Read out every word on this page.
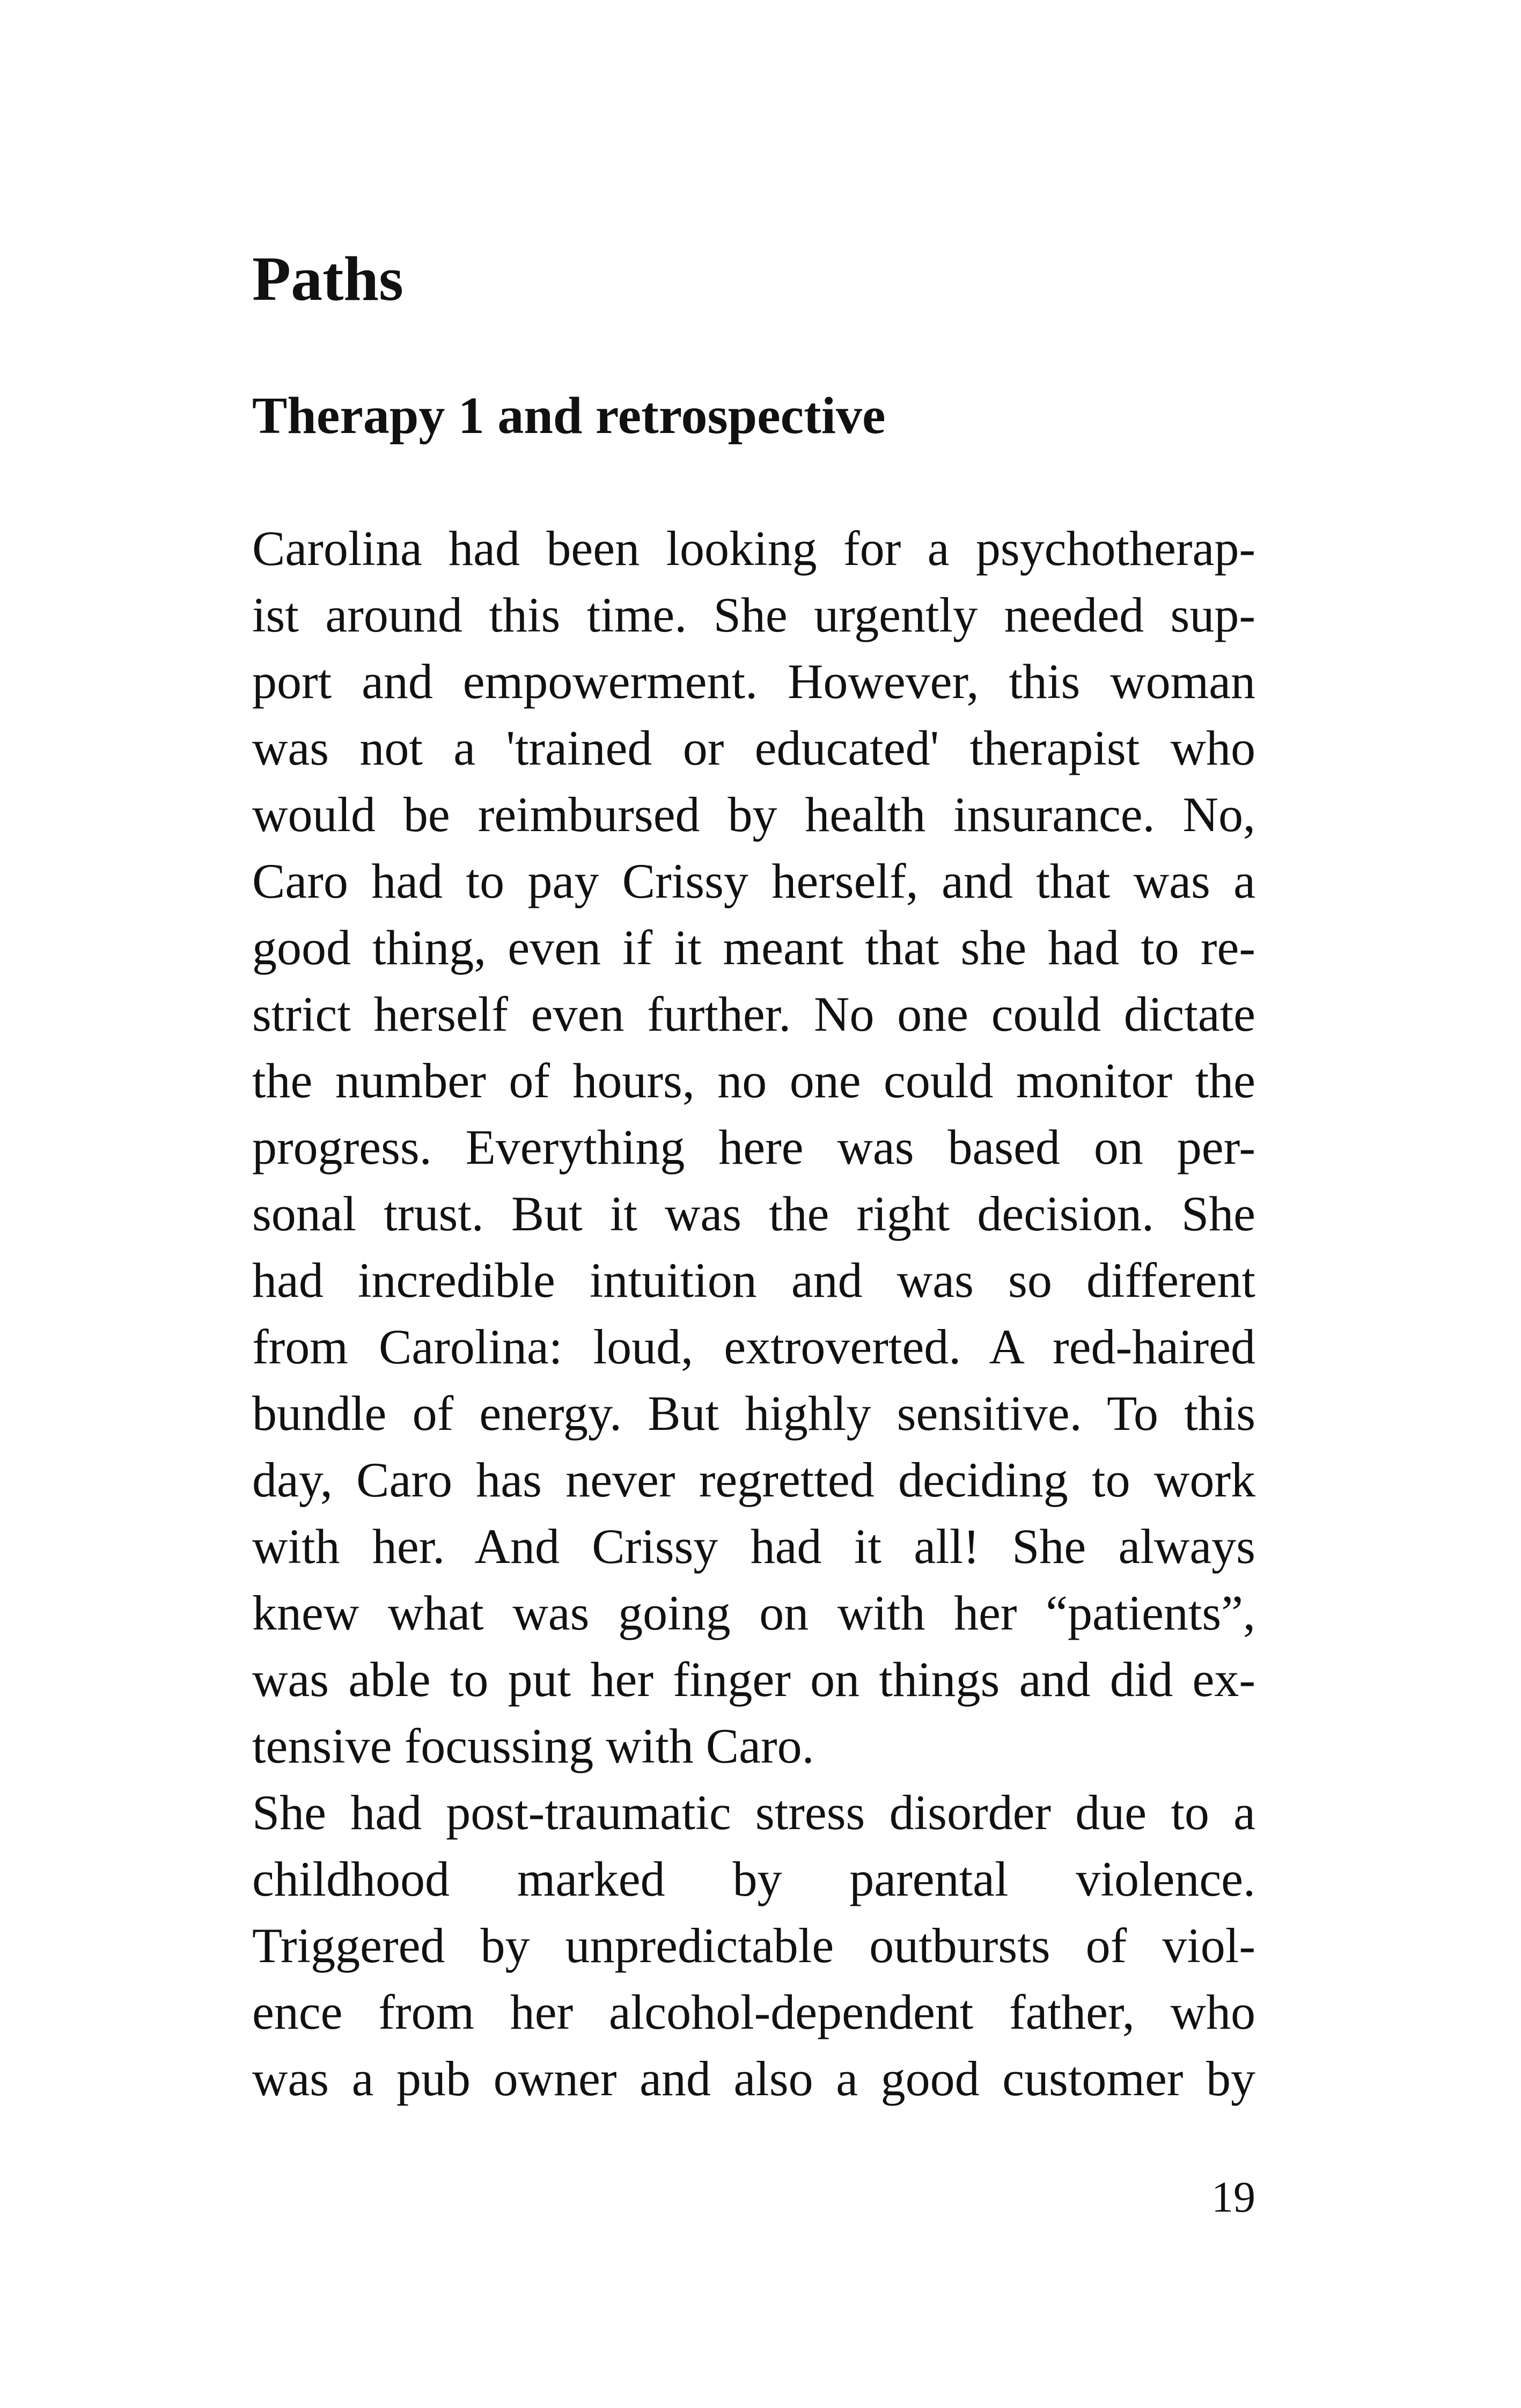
Paths
Therapy 1 and retrospective
Carolina had been looking for a psychotherap-
ist around this time. She urgently needed sup-
port and empowerment. However, this woman
was not a 'trained or educated' therapist who
would be reimbursed by health insurance. No,
Caro had to pay Crissy herself, and that was a
good thing, even if it meant that she had to re-
strict herself even further. No one could dictate
the number of hours, no one could monitor the
progress. Everything here was based on per-
sonal trust. But it was the right decision. She
had incredible intuition and was so different
from Carolina: loud, extroverted. A red-haired
bundle of energy. But highly sensitive. To this
day, Caro has never regretted deciding to work
with her. And Crissy had it all! She always
knew what was going on with her “patients”,
was able to put her finger on things and did ex-
tensive focussing with Caro.
She had post-traumatic stress disorder due to a
childhood marked by parental violence.
Triggered by unpredictable outbursts of viol-
ence from her alcohol-dependent father, who
was a pub owner and also a good customer by

19
